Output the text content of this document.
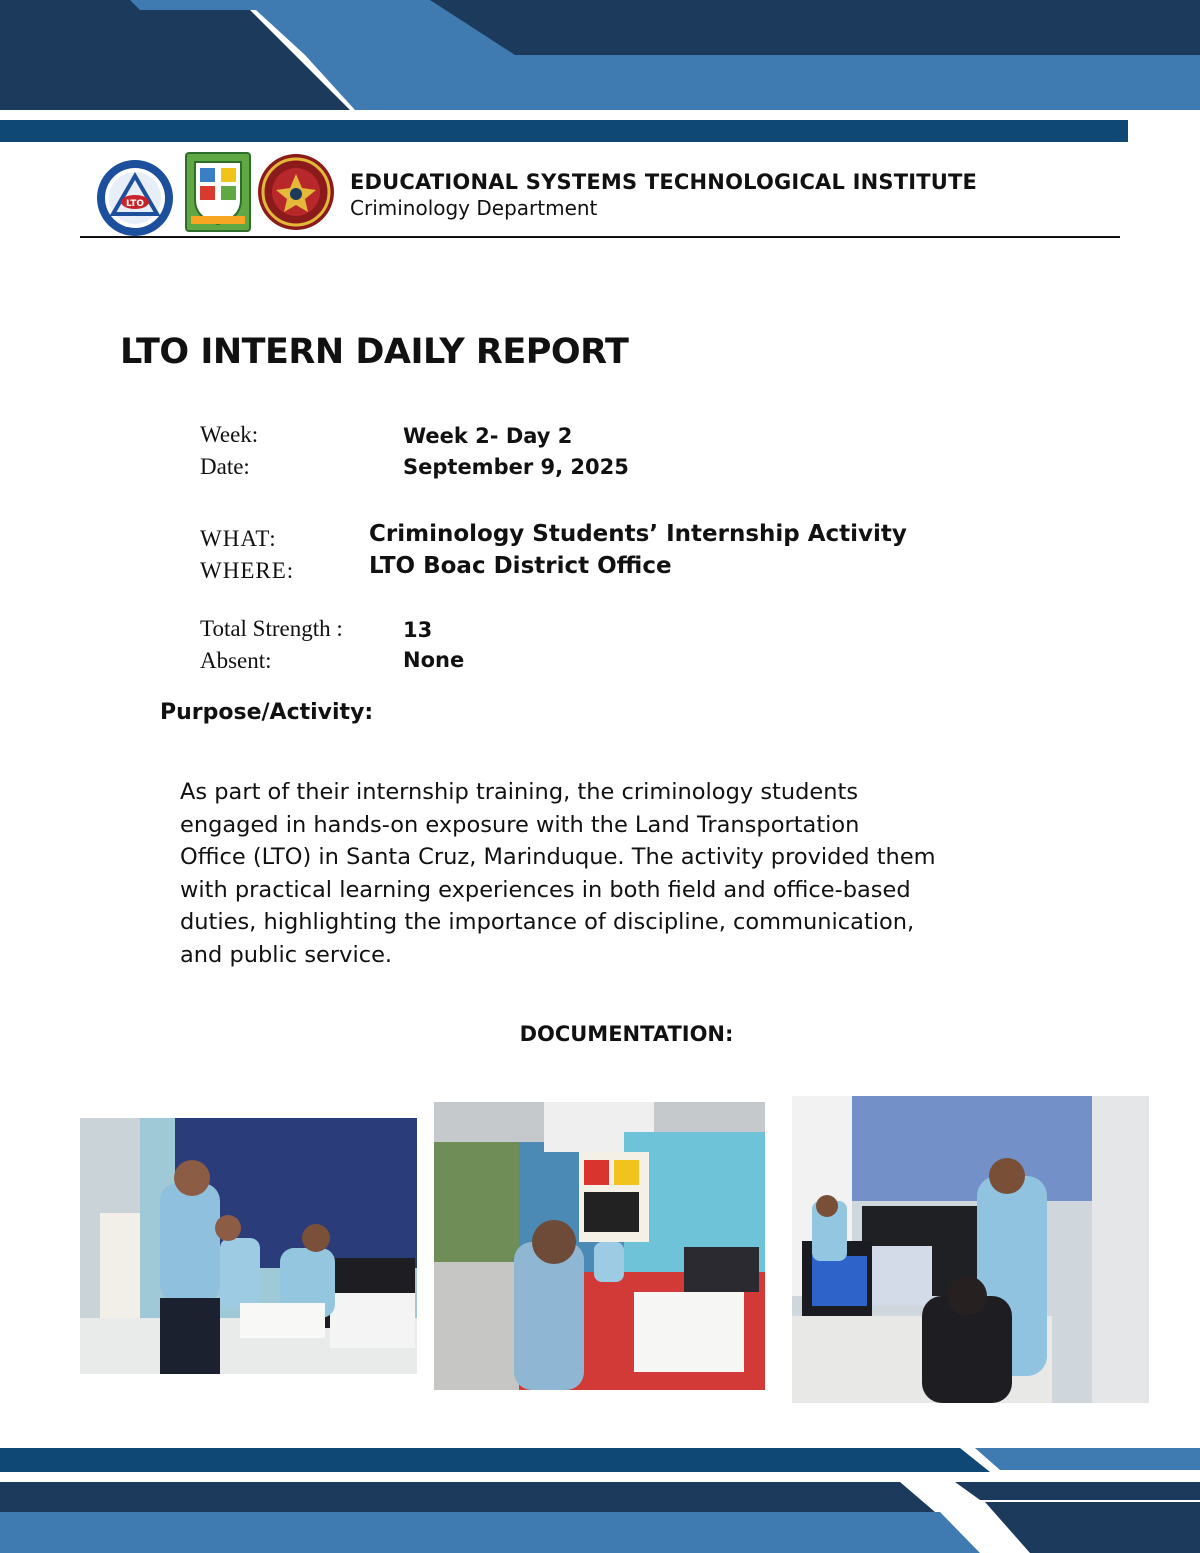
LTO
EDUCATIONAL SYSTEMS TECHNOLOGICAL INSTITUTE
Criminology Department
LTO INTERN DAILY REPORT
Week:	Week 2- Day 2
Date:	September 9, 2025
WHAT:	Criminology Students’ Internship Activity
WHERE:	LTO Boac District Office
Total Strength :	13
Absent:	None
Purpose/Activity:
As part of their internship training, the criminology students
engaged in hands-on exposure with the Land Transportation
Office (LTO) in Santa Cruz, Marinduque. The activity provided them
with practical learning experiences in both field and office-based
duties, highlighting the importance of discipline, communication,
and public service.
DOCUMENTATION:
